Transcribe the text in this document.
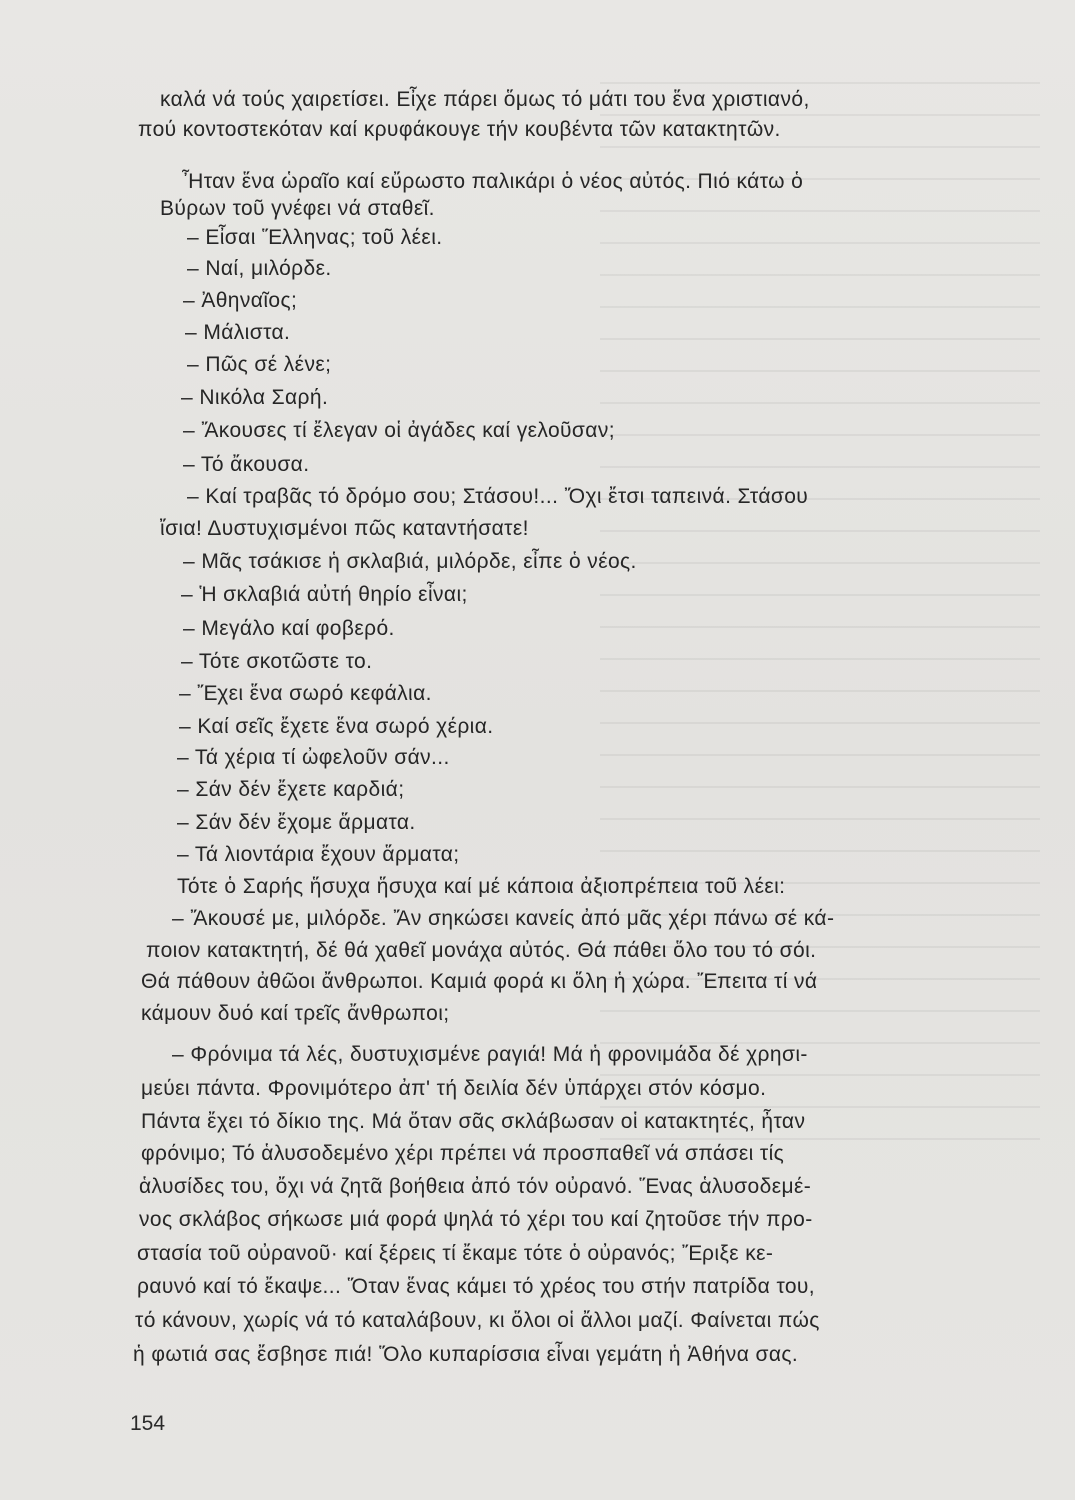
καλά νά τούς χαιρετίσει. Εἶχε πάρει ὅμως τό μάτι του ἕνα χριστιανό,
πού κοντοστεκόταν καί κρυφάκουγε τήν κουβέντα τῶν κατακτητῶν.
Ἦταν ἕνα ὡραῖο καί εὔρωστο παλικάρι ὁ νέος αὐτός. Πιό κάτω ὁ
Βύρων τοῦ γνέφει νά σταθεῖ.
– Εἶσαι Ἕλληνας; τοῦ λέει.
– Ναί, μιλόρδε.
– Ἀθηναῖος;
– Μάλιστα.
– Πῶς σέ λένε;
– Νικόλα Σαρή.
– Ἄκουσες τί ἔλεγαν οἱ ἀγάδες καί γελοῦσαν;
– Τό ἄκουσα.
– Καί τραβᾶς τό δρόμο σου; Στάσου!... Ὄχι ἔτσι ταπεινά. Στάσου
ἴσια! Δυστυχισμένοι πῶς καταντήσατε!
– Μᾶς τσάκισε ἡ σκλαβιά, μιλόρδε, εἶπε ὁ νέος.
– Ἡ σκλαβιά αὐτή θηρίο εἶναι;
– Μεγάλο καί φοβερό.
– Τότε σκοτῶστε το.
– Ἔχει ἕνα σωρό κεφάλια.
– Καί σεῖς ἔχετε ἕνα σωρό χέρια.
– Τά χέρια τί ὠφελοῦν σάν...
– Σάν δέν ἔχετε καρδιά;
– Σάν δέν ἔχομε ἅρματα.
– Τά λιοντάρια ἔχουν ἅρματα;
Τότε ὁ Σαρής ἥσυχα ἥσυχα καί μέ κάποια ἀξιοπρέπεια τοῦ λέει:
– Ἄκουσέ με, μιλόρδε. Ἄν σηκώσει κανείς ἀπό μᾶς χέρι πάνω σέ κά-
ποιον κατακτητή, δέ θά χαθεῖ μονάχα αὐτός. Θά πάθει ὅλο του τό σόι.
Θά πάθουν ἀθῶοι ἄνθρωποι. Καμιά φορά κι ὅλη ἡ χώρα. Ἔπειτα τί νά
κάμουν δυό καί τρεῖς ἄνθρωποι;
– Φρόνιμα τά λές, δυστυχισμένε ραγιά! Μά ἡ φρονιμάδα δέ χρησι-
μεύει πάντα. Φρονιμότερο ἀπ' τή δειλία δέν ὑπάρχει στόν κόσμο.
Πάντα ἔχει τό δίκιο της. Μά ὅταν σᾶς σκλάβωσαν οἱ κατακτητές, ἦταν
φρόνιμο; Τό ἁλυσοδεμένο χέρι πρέπει νά προσπαθεῖ νά σπάσει τίς
ἁλυσίδες του, ὄχι νά ζητᾶ βοήθεια ἀπό τόν οὐρανό. Ἕνας ἁλυσοδεμέ-
νος σκλάβος σήκωσε μιά φορά ψηλά τό χέρι του καί ζητοῦσε τήν προ-
στασία τοῦ οὐρανοῦ· καί ξέρεις τί ἔκαμε τότε ὁ οὐρανός; Ἔριξε κε-
ραυνό καί τό ἔκαψε... Ὅταν ἕνας κάμει τό χρέος του στήν πατρίδα του,
τό κάνουν, χωρίς νά τό καταλάβουν, κι ὅλοι οἱ ἄλλοι μαζί. Φαίνεται πώς
ἡ φωτιά σας ἔσβησε πιά! Ὅλο κυπαρίσσια εἶναι γεμάτη ἡ Ἀθήνα σας.
154
